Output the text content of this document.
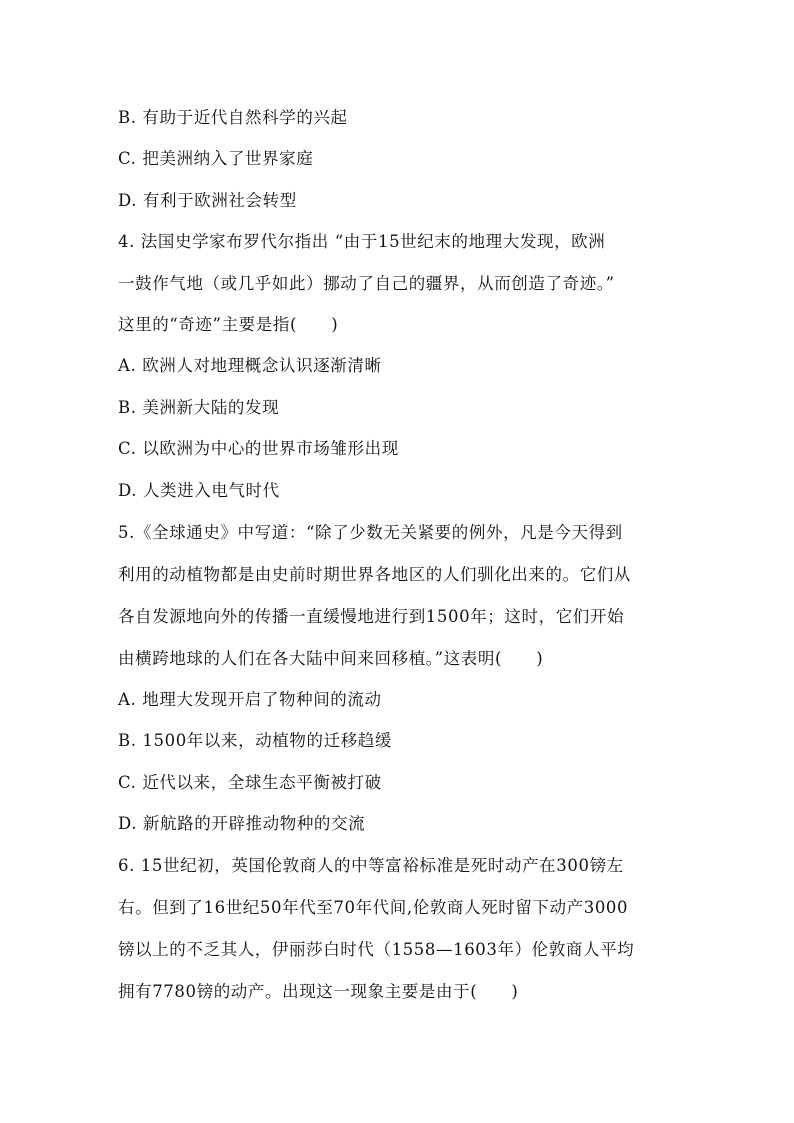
B. 有助于近代自然科学的兴起
C. 把美洲纳入了世界家庭
D. 有利于欧洲社会转型
4. 法国史学家布罗代尔指出 “由于15世纪末的地理大发现，欧洲
一鼓作气地（或几乎如此）挪动了自己的疆界，从而创造了奇迹。”
这里的“奇迹”主要是指(　　)
A. 欧洲人对地理概念认识逐渐清晰
B. 美洲新大陆的发现
C. 以欧洲为中心的世界市场雏形出现
D. 人类进入电气时代
5.《全球通史》中写道：“除了少数无关紧要的例外，凡是今天得到
利用的动植物都是由史前时期世界各地区的人们驯化出来的。它们从
各自发源地向外的传播一直缓慢地进行到1500年；这时，它们开始
由横跨地球的人们在各大陆中间来回移植。”这表明(　　)
A. 地理大发现开启了物种间的流动
B. 1500年以来，动植物的迁移趋缓
C. 近代以来，全球生态平衡被打破
D. 新航路的开辟推动物种的交流
6. 15世纪初，英国伦敦商人的中等富裕标准是死时动产在300镑左
右。但到了16世纪50年代至70年代间,伦敦商人死时留下动产3000
镑以上的不乏其人，伊丽莎白时代（1558—1603年）伦敦商人平均
拥有7780镑的动产。出现这一现象主要是由于(　　)
